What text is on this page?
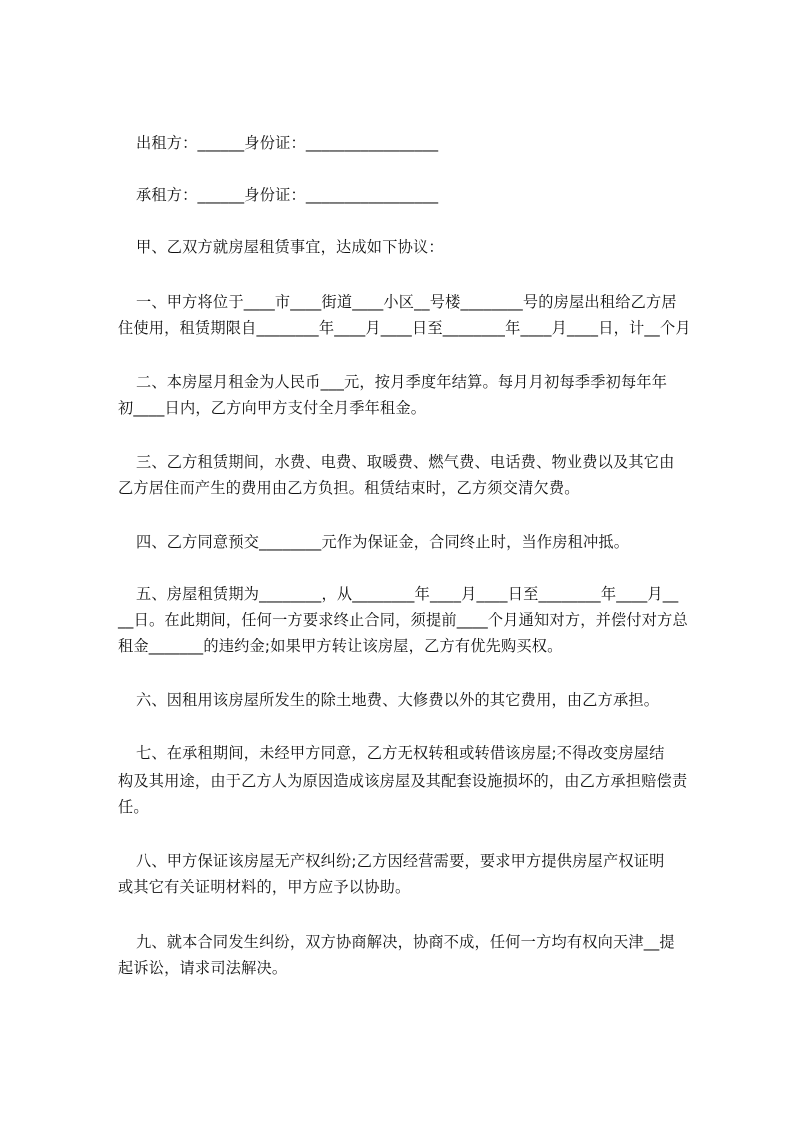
出租方：______身份证：_________________
承租方：______身份证：_________________
甲、乙双方就房屋租赁事宜，达成如下协议：
一、甲方将位于____市____街道____小区__号楼________号的房屋出租给乙方居
住使用，租赁期限自________年____月____日至________年____月____日，计__个月
二、本房屋月租金为人民币___元，按月季度年结算。每月月初每季季初每年年
初____日内，乙方向甲方支付全月季年租金。
三、乙方租赁期间，水费、电费、取暖费、燃气费、电话费、物业费以及其它由
乙方居住而产生的费用由乙方负担。租赁结束时，乙方须交清欠费。
四、乙方同意预交________元作为保证金，合同终止时，当作房租冲抵。
五、房屋租赁期为________，从________年____月____日至________年____月__
__日。在此期间，任何一方要求终止合同，须提前____个月通知对方，并偿付对方总
租金_______的违约金;如果甲方转让该房屋，乙方有优先购买权。
六、因租用该房屋所发生的除土地费、大修费以外的其它费用，由乙方承担。
七、在承租期间，未经甲方同意，乙方无权转租或转借该房屋;不得改变房屋结
构及其用途，由于乙方人为原因造成该房屋及其配套设施损坏的，由乙方承担赔偿责
任。
八、甲方保证该房屋无产权纠纷;乙方因经营需要，要求甲方提供房屋产权证明
或其它有关证明材料的，甲方应予以协助。
九、就本合同发生纠纷，双方协商解决，协商不成，任何一方均有权向天津__提
起诉讼，请求司法解决。
